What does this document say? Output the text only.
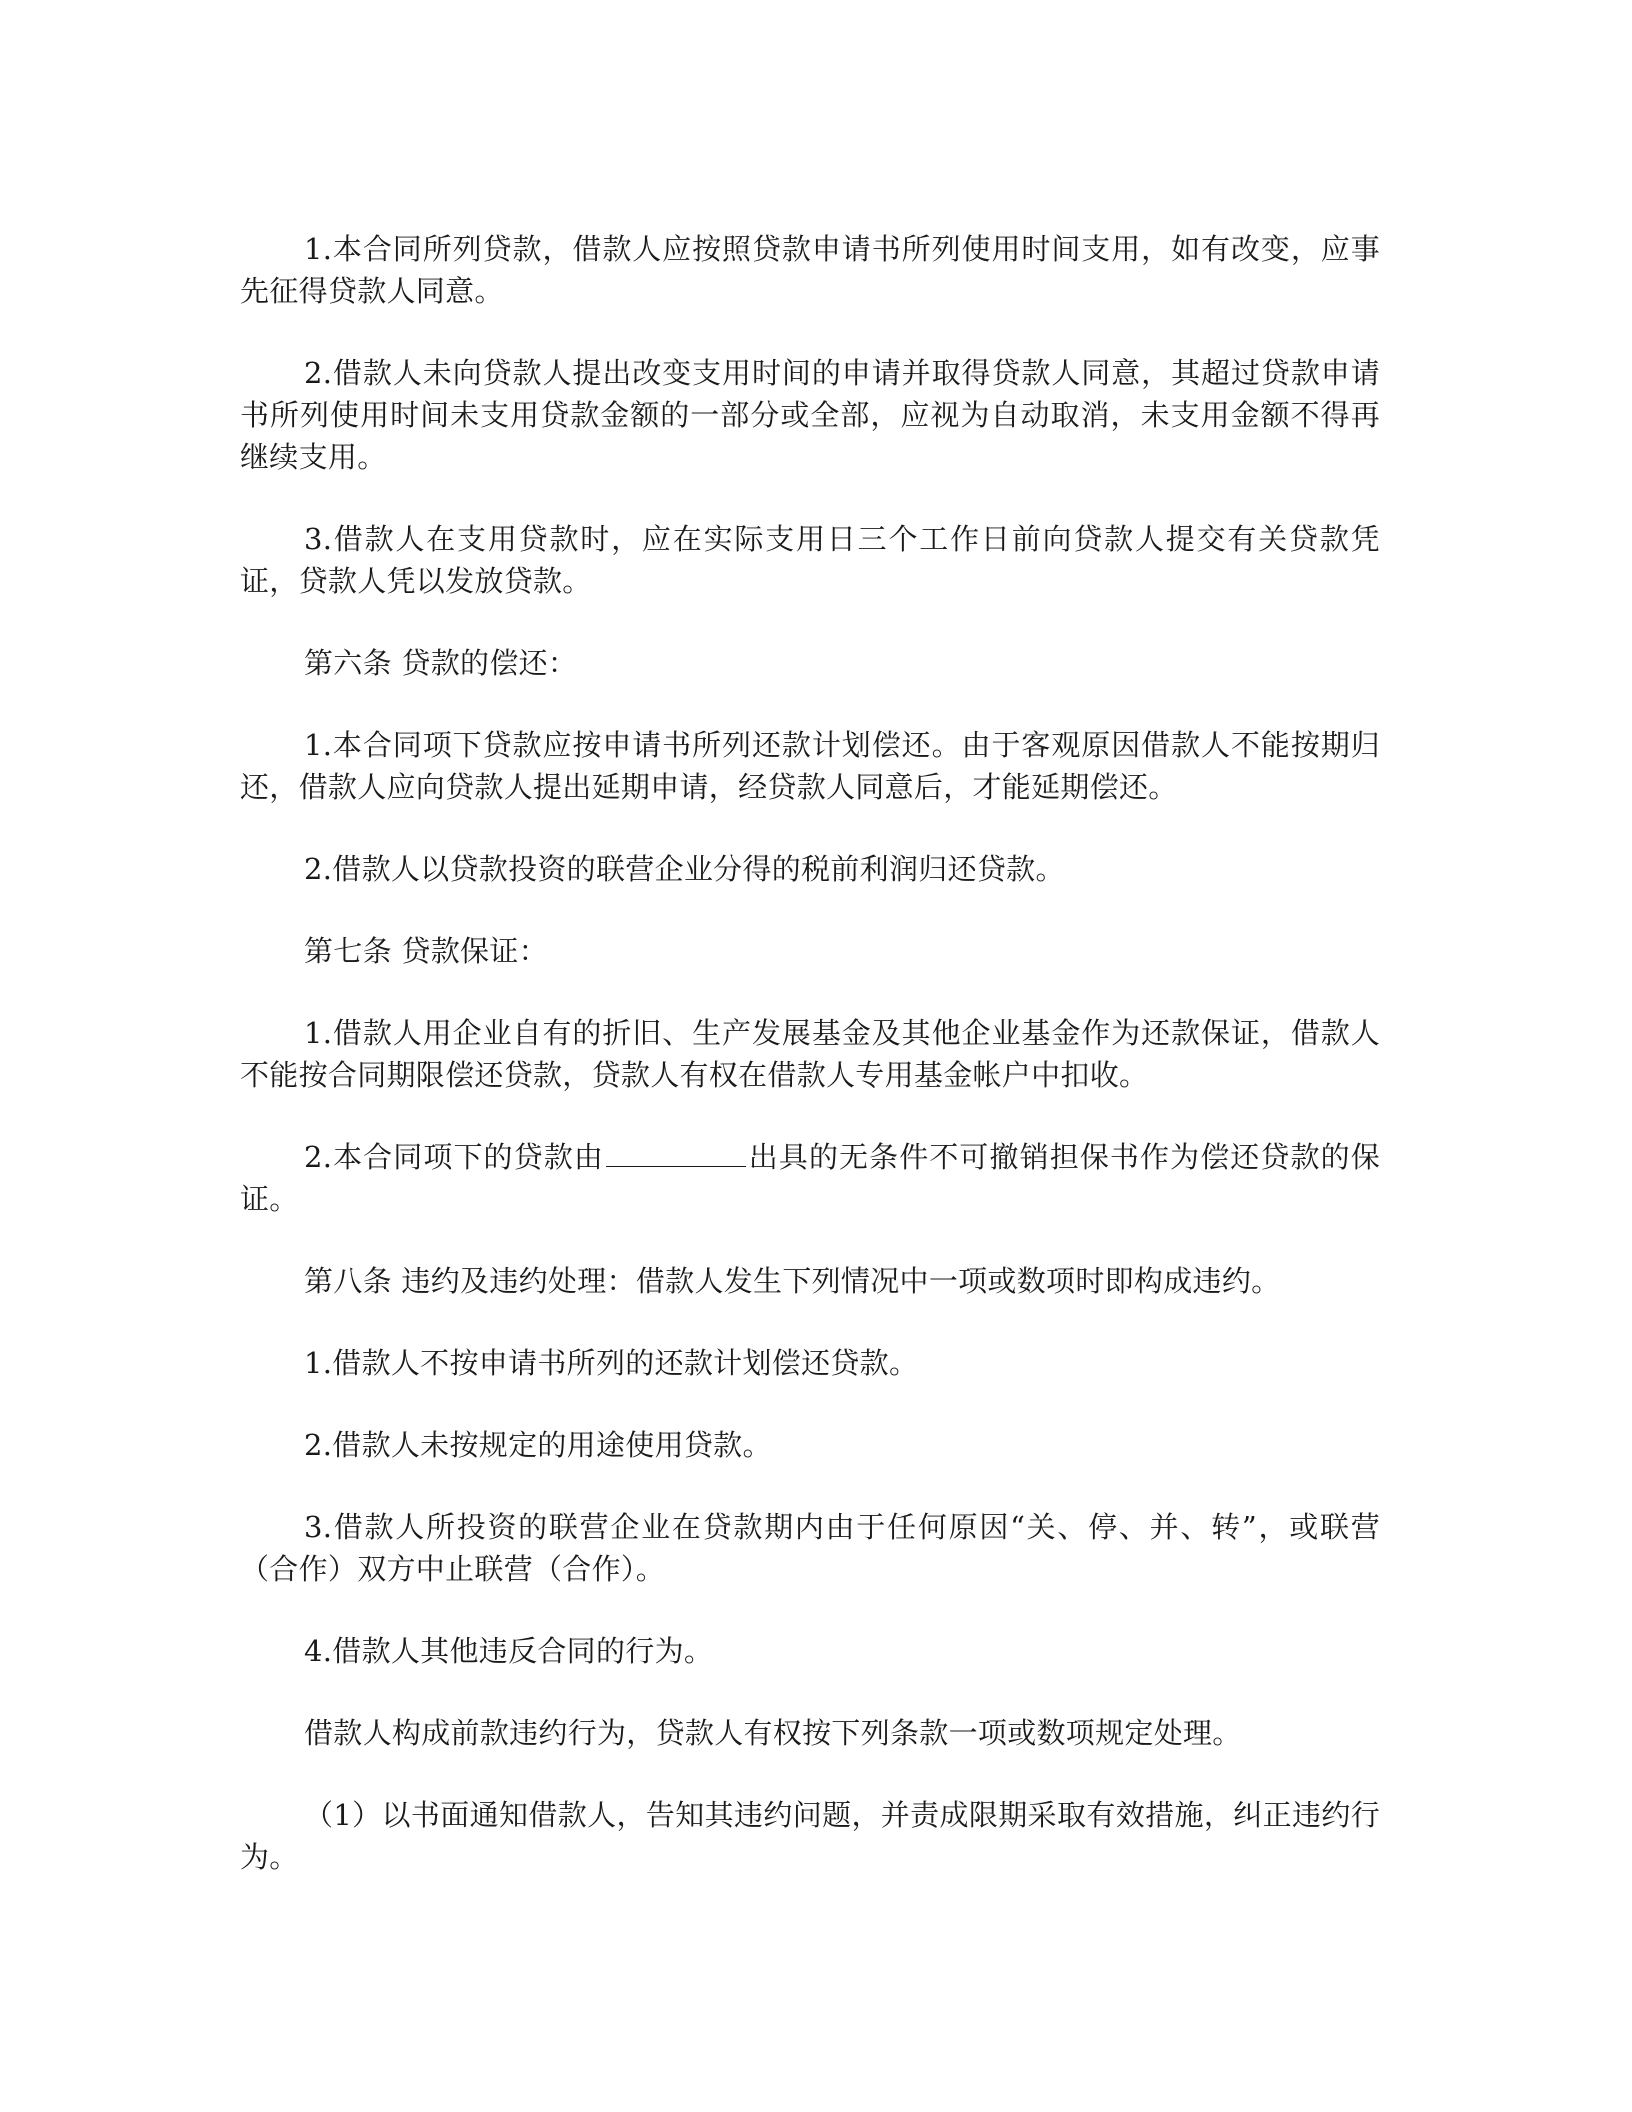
1.本合同所列贷款，借款人应按照贷款申请书所列使用时间支用，如有改变，应事先征得贷款人同意。

2.借款人未向贷款人提出改变支用时间的申请并取得贷款人同意，其超过贷款申请书所列使用时间未支用贷款金额的一部分或全部，应视为自动取消，未支用金额不得再继续支用。

3.借款人在支用贷款时，应在实际支用日三个工作日前向贷款人提交有关贷款凭证，贷款人凭以发放贷款。

第六条 贷款的偿还：

1.本合同项下贷款应按申请书所列还款计划偿还。由于客观原因借款人不能按期归还，借款人应向贷款人提出延期申请，经贷款人同意后，才能延期偿还。

2.借款人以贷款投资的联营企业分得的税前利润归还贷款。

第七条 贷款保证：

1.借款人用企业自有的折旧、生产发展基金及其他企业基金作为还款保证，借款人不能按合同期限偿还贷款，贷款人有权在借款人专用基金帐户中扣收。

2.本合同项下的贷款由	出具的无条件不可撤销担保书作为偿还贷款的保证。

第八条 违约及违约处理：借款人发生下列情况中一项或数项时即构成违约。

1.借款人不按申请书所列的还款计划偿还贷款。

2.借款人未按规定的用途使用贷款。

3.借款人所投资的联营企业在贷款期内由于任何原因“关、停、并、转”，或联营（合作）双方中止联营（合作）。

4.借款人其他违反合同的行为。

借款人构成前款违约行为，贷款人有权按下列条款一项或数项规定处理。

（1）以书面通知借款人，告知其违约问题，并责成限期采取有效措施，纠正违约行为。
